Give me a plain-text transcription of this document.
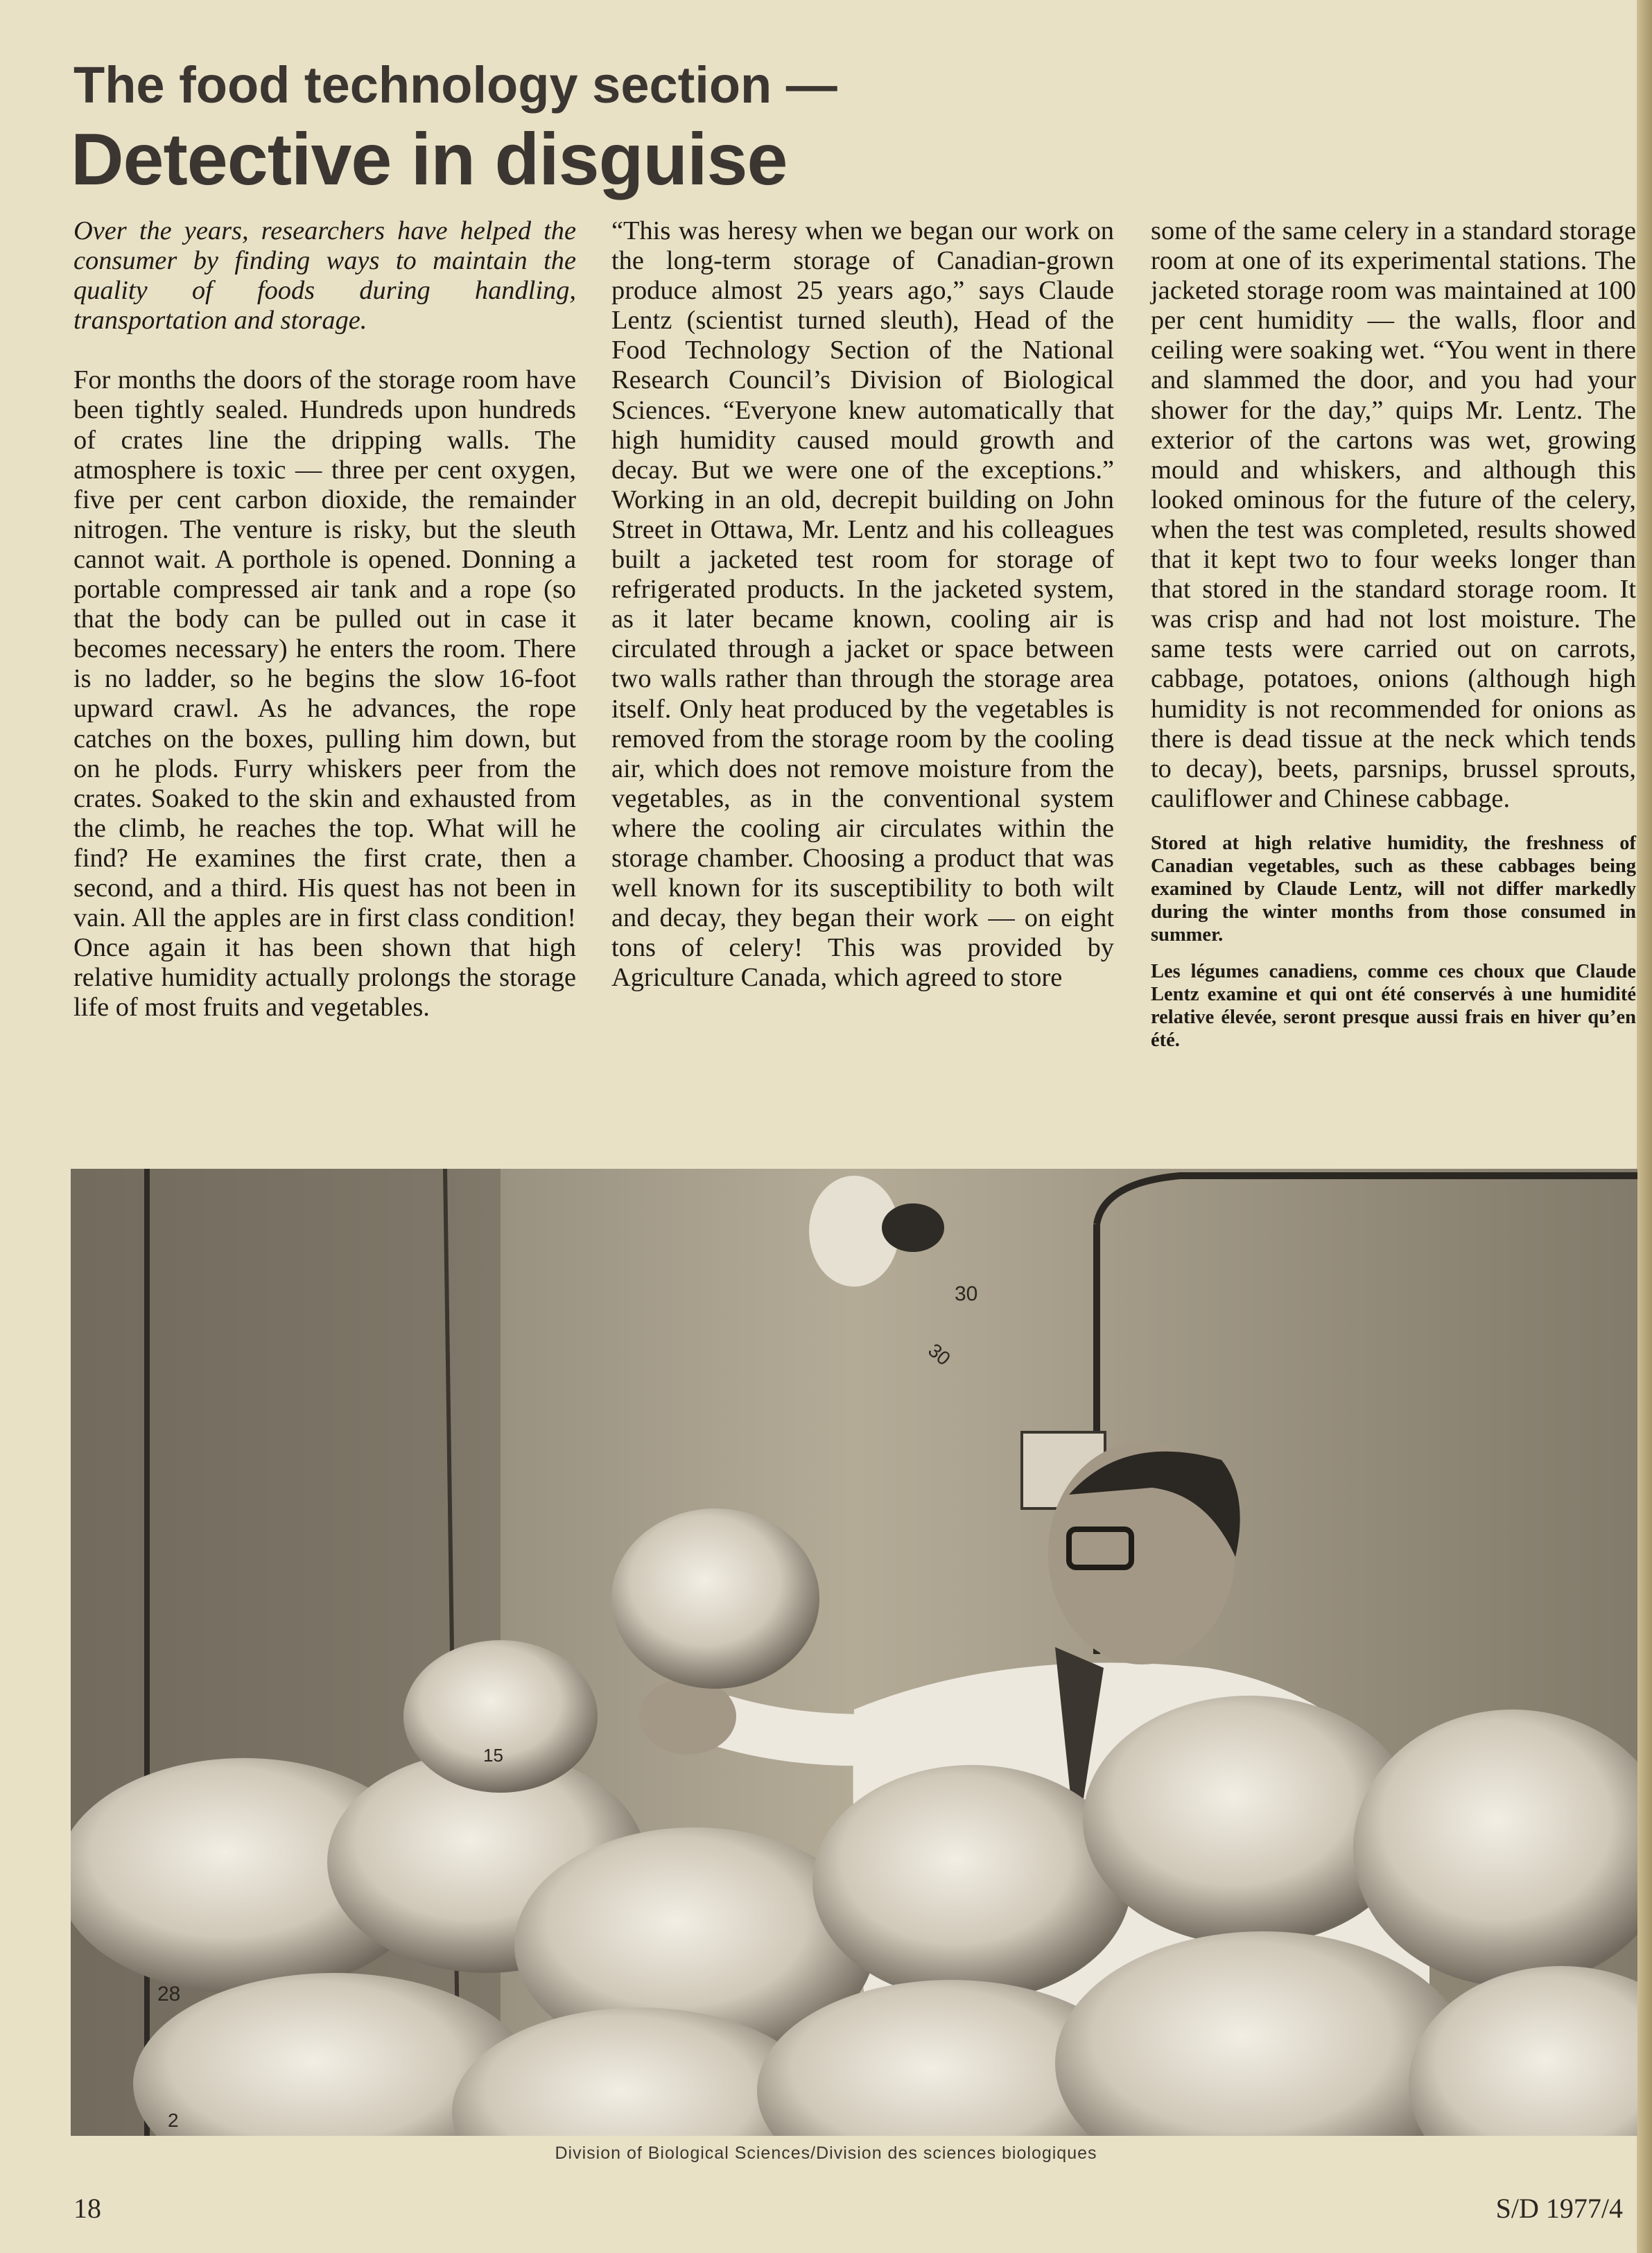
The food technology section —
Detective in disguise

Over the years, researchers have helped the consumer by finding ways to maintain the quality of foods during handling, transportation and storage.

For months the doors of the storage room have been tightly sealed. Hundreds upon hundreds of crates line the dripping walls. The atmosphere is toxic — three per cent oxygen, five per cent carbon dioxide, the remainder nitrogen. The venture is risky, but the sleuth cannot wait. A porthole is opened. Donning a portable compressed air tank and a rope (so that the body can be pulled out in case it becomes necessary) he enters the room. There is no ladder, so he begins the slow 16-foot upward crawl. As he advances, the rope catches on the boxes, pulling him down, but on he plods. Furry whiskers peer from the crates. Soaked to the skin and exhausted from the climb, he reaches the top. What will he find? He examines the first crate, then a second, and a third. His quest has not been in vain. All the apples are in first class condition! Once again it has been shown that high relative humidity actually prolongs the storage life of most fruits and vegetables.

“This was heresy when we began our work on the long-term storage of Canadian-grown produce almost 25 years ago,” says Claude Lentz (scientist turned sleuth), Head of the Food Technology Section of the National Research Council’s Division of Biological Sciences. “Everyone knew automatically that high humidity caused mould growth and decay. But we were one of the exceptions.” Working in an old, decrepit building on John Street in Ottawa, Mr. Lentz and his colleagues built a jacketed test room for storage of refrigerated products. In the jacketed system, as it later became known, cooling air is circulated through a jacket or space between two walls rather than through the storage area itself. Only heat produced by the vegetables is removed from the storage room by the cooling air, which does not remove moisture from the vegetables, as in the conventional system where the cooling air circulates within the storage chamber. Choosing a product that was well known for its susceptibility to both wilt and decay, they began their work — on eight tons of celery! This was provided by Agriculture Canada, which agreed to store

some of the same celery in a standard storage room at one of its experimental stations. The jacketed storage room was maintained at 100 per cent humidity — the walls, floor and ceiling were soaking wet. “You went in there and slammed the door, and you had your shower for the day,” quips Mr. Lentz. The exterior of the cartons was wet, growing mould and whiskers, and although this looked ominous for the future of the celery, when the test was completed, results showed that it kept two to four weeks longer than that stored in the standard storage room. It was crisp and had not lost moisture. The same tests were carried out on carrots, cabbage, potatoes, onions (although high humidity is not recommended for onions as there is dead tissue at the neck which tends to decay), beets, parsnips, brussel sprouts, cauliflower and Chinese cabbage.

Stored at high relative humidity, the freshness of Canadian vegetables, such as these cabbages being examined by Claude Lentz, will not differ markedly during the winter months from those consumed in summer.

Les légumes canadiens, comme ces choux que Claude Lentz examine et qui ont été conservés à une humidité relative élevée, seront presque aussi frais en hiver qu’en été.

30
30
15
28
2
Division of Biological Sciences/Division des sciences biologiques
18	S/D 1977/4
